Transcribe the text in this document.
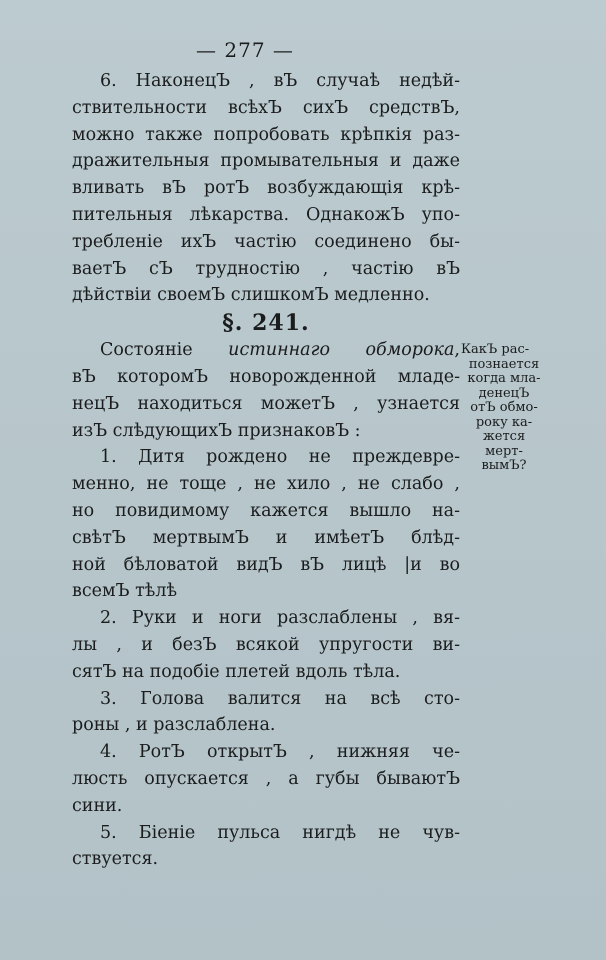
— 277 —
6. НаконецЪ , вЪ случаѣ недѣй-
ствительности всѣхЪ сихЪ средствЪ,
можно также попробовать крѣпкія раз-
дражительныя промывательныя и даже
вливать вЪ ротЪ возбуждающія крѣ-
пительныя лѣкарства. ОднакожЪ упо-
требленіе ихЪ частію соединено бы-
ваетЪ сЪ трудностію , частію вЪ
дѣйствіи своемЪ слишкомЪ медленно.
§. 241.
Состояніе истиннаго обморока,
вЪ которомЪ новорожденной младе-
нецЪ находиться можетЪ , узнается
изЪ слѣдующихЪ признаковЪ :
1. Дитя рождено не преждевре-
менно, не тоще , не хило , не слабо ,
но повидимому кажется вышло на-
свѣтЪ мертвымЪ и имѣетЪ блѣд-
ной бѣловатой видЪ вЪ лицѣ |и во
всемЪ тѣлѣ
2. Руки и ноги разслаблены , вя-
лы , и безЪ всякой упругости ви-
сятЪ на подобіе плетей вдоль тѣла.
3. Голова валится на всѣ сто-
роны , и разслаблена.
4. РотЪ открытЪ , нижняя че-
люсть опускается , а губы бываютЪ
сини.
5. Біеніе пульса нигдѣ не чув-
ствуется.
КакЪ рас-
познается
когда мла-
денецЪ
отЪ обмо-
року ка-
жется
мерт-
вымЪ?
